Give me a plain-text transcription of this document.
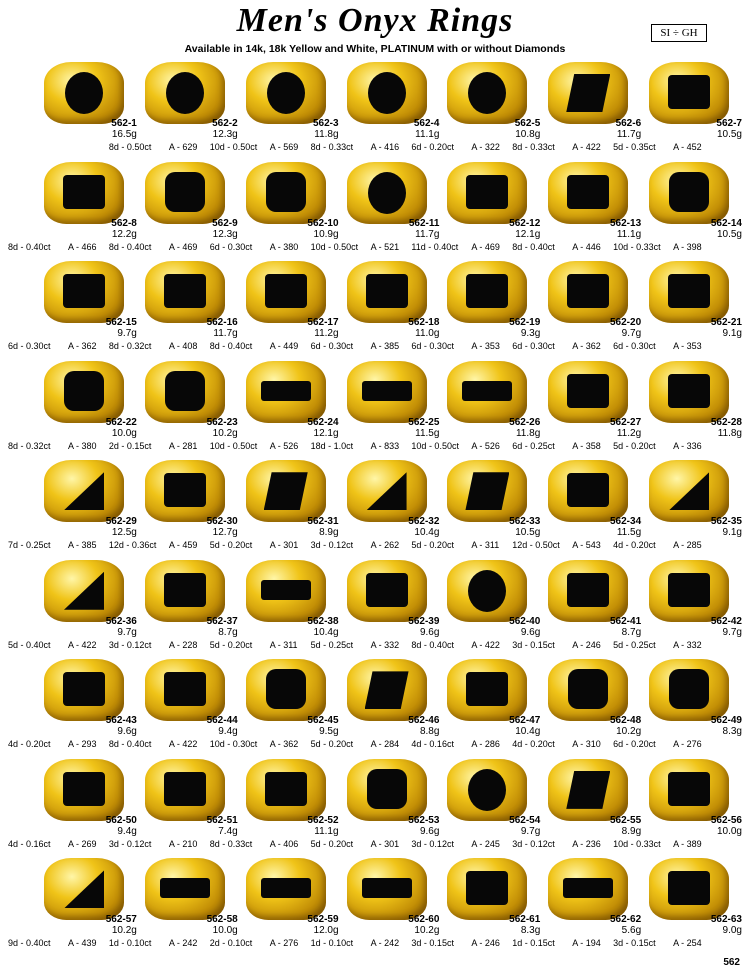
Men's Onyx Rings	SI ÷ GH
Available in 14k, 18k Yellow and White, PLATINUM with or without Diamonds
562-1
16.5g
562-2
12.3g
8d - 0.50ct A - 629
562-3
11.8g
10d - 0.50ct A - 569
562-4
11.1g
8d - 0.33ct A - 416
562-5
10.8g
6d - 0.20ct A - 322
562-6
11.7g
8d - 0.33ct A - 422
562-7
10.5g
5d - 0.35ct A - 452
562-8
12.2g
8d - 0.40ct A - 466
562-9
12.3g
8d - 0.40ct A - 469
562-10
10.9g
6d - 0.30ct A - 380
562-11
11.7g
10d - 0.50ct A - 521
562-12
12.1g
11d - 0.40ct A - 469
562-13
11.1g
8d - 0.40ct A - 446
562-14
10.5g
10d - 0.33ct A - 398
562-15
9.7g
6d - 0.30ct A - 362
562-16
11.7g
8d - 0.32ct A - 408
562-17
11.2g
8d - 0.40ct A - 449
562-18
11.0g
6d - 0.30ct A - 385
562-19
9.3g
6d - 0.30ct A - 353
562-20
9.7g
6d - 0.30ct A - 362
562-21
9.1g
6d - 0.30ct A - 353
562-22
10.0g
8d - 0.32ct A - 380
562-23
10.2g
2d - 0.15ct A - 281
562-24
12.1g
10d - 0.50ct A - 526
562-25
11.5g
18d - 1.0ct A - 833
562-26
11.8g
10d - 0.50ct A - 526
562-27
11.2g
6d - 0.25ct A - 358
562-28
11.8g
5d - 0.20ct A - 336
562-29
12.5g
7d - 0.25ct A - 385
562-30
12.7g
12d - 0.36ct A - 459
562-31
8.9g
5d - 0.20ct A - 301
562-32
10.4g
3d - 0.12ct A - 262
562-33
10.5g
5d - 0.20ct A - 311
562-34
11.5g
12d - 0.50ct A - 543
562-35
9.1g
4d - 0.20ct A - 285
562-36
9.7g
5d - 0.40ct A - 422
562-37
8.7g
3d - 0.12ct A - 228
562-38
10.4g
5d - 0.20ct A - 311
562-39
9.6g
5d - 0.25ct A - 332
562-40
9.6g
8d - 0.40ct A - 422
562-41
8.7g
3d - 0.15ct A - 246
562-42
9.7g
5d - 0.25ct A - 332
562-43
9.6g
4d - 0.20ct A - 293
562-44
9.4g
8d - 0.40ct A - 422
562-45
9.5g
10d - 0.30ct A - 362
562-46
8.8g
5d - 0.20ct A - 284
562-47
10.4g
4d - 0.16ct A - 286
562-48
10.2g
4d - 0.20ct A - 310
562-49
8.3g
6d - 0.20ct A - 276
562-50
9.4g
4d - 0.16ct A - 269
562-51
7.4g
3d - 0.12ct A - 210
562-52
11.1g
8d - 0.33ct A - 406
562-53
9.6g
5d - 0.20ct A - 301
562-54
9.7g
3d - 0.12ct A - 245
562-55
8.9g
3d - 0.12ct A - 236
562-56
10.0g
10d - 0.33ct A - 389
562-57
10.2g
9d - 0.40ct A - 439
562-58
10.0g
1d - 0.10ct A - 242
562-59
12.0g
2d - 0.10ct A - 276
562-60
10.2g
1d - 0.10ct A - 242
562-61
8.3g
3d - 0.15ct A - 246
562-62
5.6g
1d - 0.15ct A - 194
562-63
9.0g
3d - 0.15ct A - 254
562
